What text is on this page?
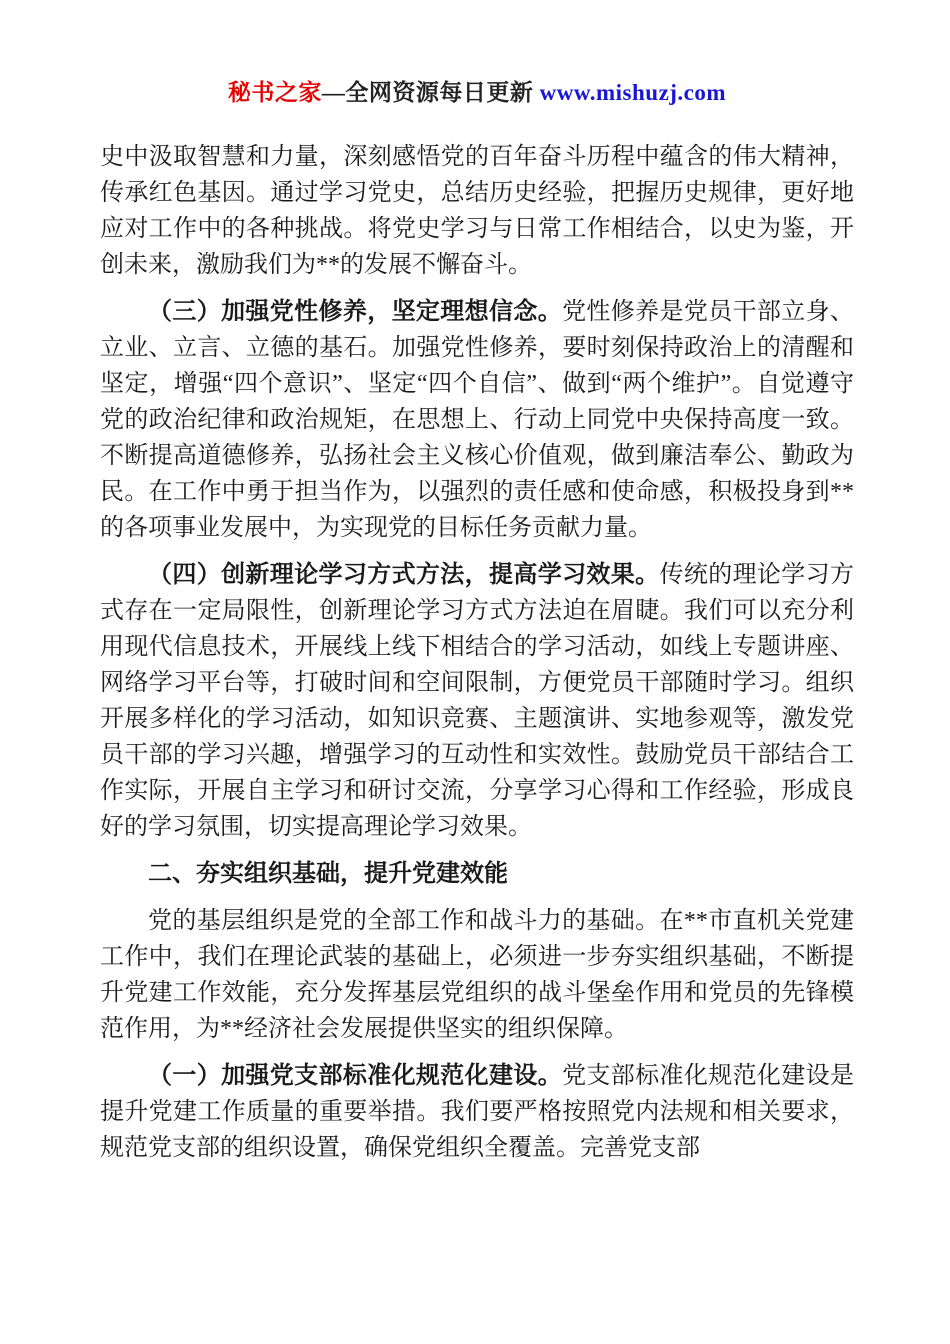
秘书之家—全网资源每日更新 www.mishuzj.com

史中汲取智慧和力量，深刻感悟党的百年奋斗历程中蕴含的伟大精神，传承红色基因。通过学习党史，总结历史经验，把握历史规律，更好地应对工作中的各种挑战。将党史学习与日常工作相结合，以史为鉴，开创未来，激励我们为**的发展不懈奋斗。

（三）加强党性修养，坚定理想信念。党性修养是党员干部立身、立业、立言、立德的基石。加强党性修养，要时刻保持政治上的清醒和坚定，增强“四个意识”、坚定“四个自信”、做到“两个维护”。自觉遵守党的政治纪律和政治规矩，在思想上、行动上同党中央保持高度一致。不断提高道德修养，弘扬社会主义核心价值观，做到廉洁奉公、勤政为民。在工作中勇于担当作为，以强烈的责任感和使命感，积极投身到**的各项事业发展中，为实现党的目标任务贡献力量。

（四）创新理论学习方式方法，提高学习效果。传统的理论学习方式存在一定局限性，创新理论学习方式方法迫在眉睫。我们可以充分利用现代信息技术，开展线上线下相结合的学习活动，如线上专题讲座、网络学习平台等，打破时间和空间限制，方便党员干部随时学习。组织开展多样化的学习活动，如知识竞赛、主题演讲、实地参观等，激发党员干部的学习兴趣，增强学习的互动性和实效性。鼓励党员干部结合工作实际，开展自主学习和研讨交流，分享学习心得和工作经验，形成良好的学习氛围，切实提高理论学习效果。

二、夯实组织基础，提升党建效能

党的基层组织是党的全部工作和战斗力的基础。在**市直机关党建工作中，我们在理论武装的基础上，必须进一步夯实组织基础，不断提升党建工作效能，充分发挥基层党组织的战斗堡垒作用和党员的先锋模范作用，为**经济社会发展提供坚实的组织保障。

（一）加强党支部标准化规范化建设。党支部标准化规范化建设是提升党建工作质量的重要举措。我们要严格按照党内法规和相关要求，规范党支部的组织设置，确保党组织全覆盖。完善党支部
